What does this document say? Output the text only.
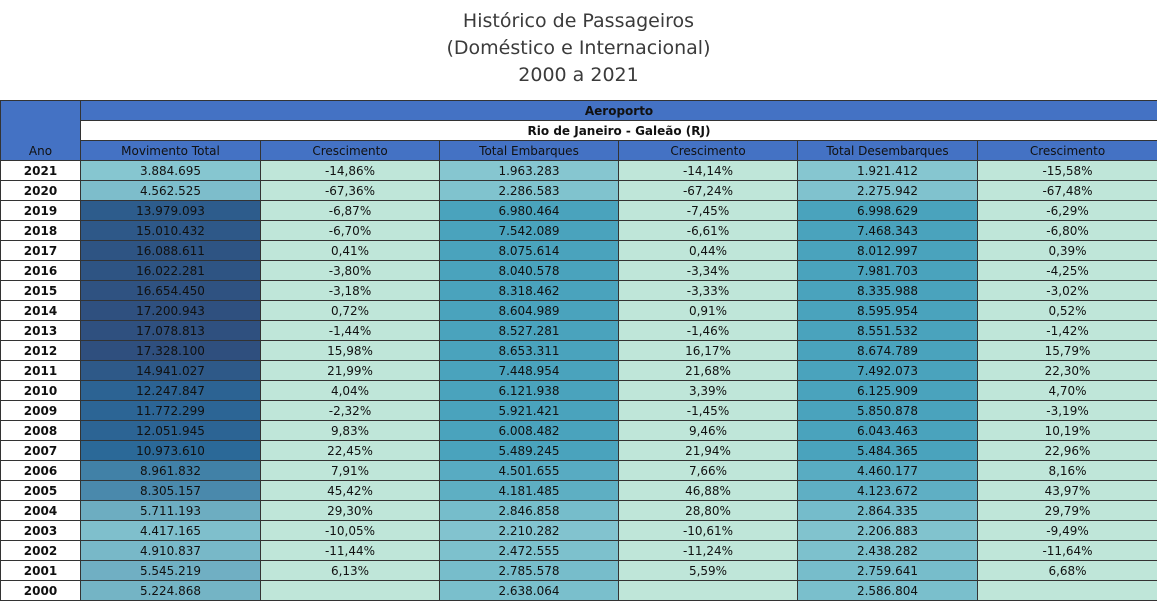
Histórico de Passageiros
(Doméstico e Internacional)
2000 a 2021
Ano	Aeroporto					
	Rio de Janeiro - Galeão (RJ)					
	Movimento Total	Crescimento	Total Embarques	Crescimento	Total Desembarques	Crescimento
2021	3.884.695	-14,86%	1.963.283	-14,14%	1.921.412	-15,58%
2020	4.562.525	-67,36%	2.286.583	-67,24%	2.275.942	-67,48%
2019	13.979.093	-6,87%	6.980.464	-7,45%	6.998.629	-6,29%
2018	15.010.432	-6,70%	7.542.089	-6,61%	7.468.343	-6,80%
2017	16.088.611	0,41%	8.075.614	0,44%	8.012.997	0,39%
2016	16.022.281	-3,80%	8.040.578	-3,34%	7.981.703	-4,25%
2015	16.654.450	-3,18%	8.318.462	-3,33%	8.335.988	-3,02%
2014	17.200.943	0,72%	8.604.989	0,91%	8.595.954	0,52%
2013	17.078.813	-1,44%	8.527.281	-1,46%	8.551.532	-1,42%
2012	17.328.100	15,98%	8.653.311	16,17%	8.674.789	15,79%
2011	14.941.027	21,99%	7.448.954	21,68%	7.492.073	22,30%
2010	12.247.847	4,04%	6.121.938	3,39%	6.125.909	4,70%
2009	11.772.299	-2,32%	5.921.421	-1,45%	5.850.878	-3,19%
2008	12.051.945	9,83%	6.008.482	9,46%	6.043.463	10,19%
2007	10.973.610	22,45%	5.489.245	21,94%	5.484.365	22,96%
2006	8.961.832	7,91%	4.501.655	7,66%	4.460.177	8,16%
2005	8.305.157	45,42%	4.181.485	46,88%	4.123.672	43,97%
2004	5.711.193	29,30%	2.846.858	28,80%	2.864.335	29,79%
2003	4.417.165	-10,05%	2.210.282	-10,61%	2.206.883	-9,49%
2002	4.910.837	-11,44%	2.472.555	-11,24%	2.438.282	-11,64%
2001	5.545.219	6,13%	2.785.578	5,59%	2.759.641	6,68%
2000	5.224.868		2.638.064		2.586.804	
